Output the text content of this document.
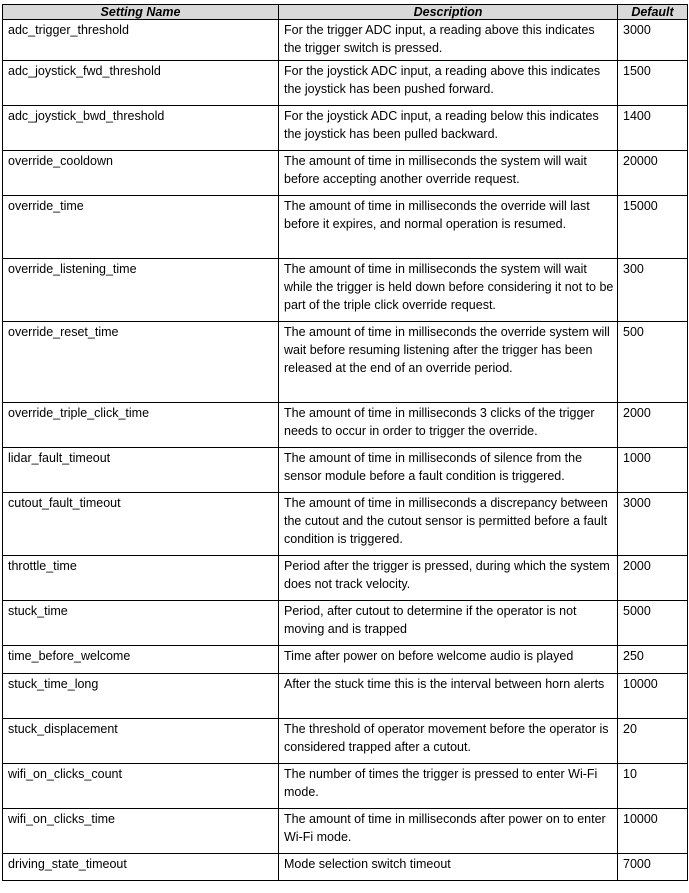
Setting Name	Description	Default
adc_trigger_threshold	For the trigger ADC input, a reading above this indicates the trigger switch is pressed.	3000
adc_joystick_fwd_threshold	For the joystick ADC input, a reading above this indicates the joystick has been pushed forward.	1500
adc_joystick_bwd_threshold	For the joystick ADC input, a reading below this indicates the joystick has been pulled backward.	1400
override_cooldown	The amount of time in milliseconds the system will wait before accepting another override request.	20000
override_time	The amount of time in milliseconds the override will last before it expires, and normal operation is resumed.	15000
override_listening_time	The amount of time in milliseconds the system will wait while the trigger is held down before considering it not to be part of the triple click override request.	300
override_reset_time	The amount of time in milliseconds the override system will wait before resuming listening after the trigger has been released at the end of an override period.	500
override_triple_click_time	The amount of time in milliseconds 3 clicks of the trigger needs to occur in order to trigger the override.	2000
lidar_fault_timeout	The amount of time in milliseconds of silence from the sensor module before a fault condition is triggered.	1000
cutout_fault_timeout	The amount of time in milliseconds a discrepancy between the cutout and the cutout sensor is permitted before a fault condition is triggered.	3000
throttle_time	Period after the trigger is pressed, during which the system does not track velocity.	2000
stuck_time	Period, after cutout to determine if the operator is not moving and is trapped	5000
time_before_welcome	Time after power on before welcome audio is played	250
stuck_time_long	After the stuck time this is the interval between horn alerts	10000
stuck_displacement	The threshold of operator movement before the operator is considered trapped after a cutout.	20
wifi_on_clicks_count	The number of times the trigger is pressed to enter Wi-Fi mode.	10
wifi_on_clicks_time	The amount of time in milliseconds after power on to enter Wi-Fi mode.	10000
driving_state_timeout	Mode selection switch timeout	7000
